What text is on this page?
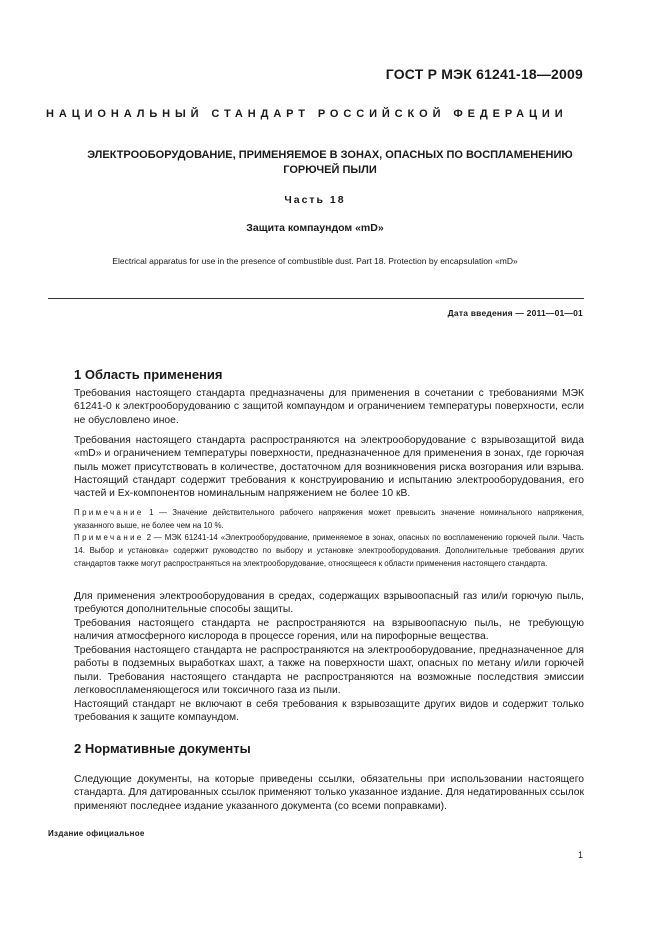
ГОСТ Р МЭК 61241-18—2009
НАЦИОНАЛЬНЫЙ СТАНДАРТ РОССИЙСКОЙ ФЕДЕРАЦИИ
ЭЛЕКТРООБОРУДОВАНИЕ, ПРИМЕНЯЕМОЕ В ЗОНАХ, ОПАСНЫХ ПО ВОСПЛАМЕНЕНИЮ
ГОРЮЧЕЙ ПЫЛИ
Часть 18
Защита компаундом «mD»
Electrical apparatus for use in the presence of combustible dust. Part 18. Protection by encapsulation «mD»
Дата введения — 2011—01—01
1 Область применения
Требования настоящего стандарта предназначены для применения в сочетании с требованиями МЭК 61241-0 к электрооборудованию с защитой компаундом и ограничением температуры поверхности, если не обусловлено иное.
Требования настоящего стандарта распространяются на электрооборудование с взрывозащитой вида «mD» и ограничением температуры поверхности, предназначенное для применения в зонах, где горючая пыль может присутствовать в количестве, достаточном для возникновения риска возгорания или взрыва. Настоящий стандарт содержит требования к конструированию и испытанию электрооборудования, его частей и Ex-компонентов номинальным напряжением не более 10 кВ.
Примечание 1 — Значение действительного рабочего напряжения может превысить значение номинального напряжения, указанного выше, не более чем на 10 %.
Примечание 2 — МЭК 61241-14 «Электрооборудование, применяемое в зонах, опасных по воспламенению горючей пыли. Часть 14. Выбор и установка» содержит руководство по выбору и установке электрооборудования. Дополнительные требования других стандартов также могут распространяться на электрооборудование, относящееся к области применения настоящего стандарта.
Для применения электрооборудования в средах, содержащих взрывоопасный газ или/и горючую пыль, требуются дополнительные способы защиты.
Требования настоящего стандарта не распространяются на взрывоопасную пыль, не требующую наличия атмосферного кислорода в процессе горения, или на пирофорные вещества.
Требования настоящего стандарта не распространяются на электрооборудование, предназначенное для работы в подземных выработках шахт, а также на поверхности шахт, опасных по метану и/или горючей пыли. Требования настоящего стандарта не распространяются на возможные последствия эмиссии легковоспламеняющегося или токсичного газа из пыли.
Настоящий стандарт не включают в себя требования к взрывозащите других видов и содержит только требования к защите компаундом.
2 Нормативные документы
Следующие документы, на которые приведены ссылки, обязательны при использовании настоящего стандарта. Для датированных ссылок применяют только указанное издание. Для недатированных ссылок применяют последнее издание указанного документа (со всеми поправками).
Издание официальное
1
